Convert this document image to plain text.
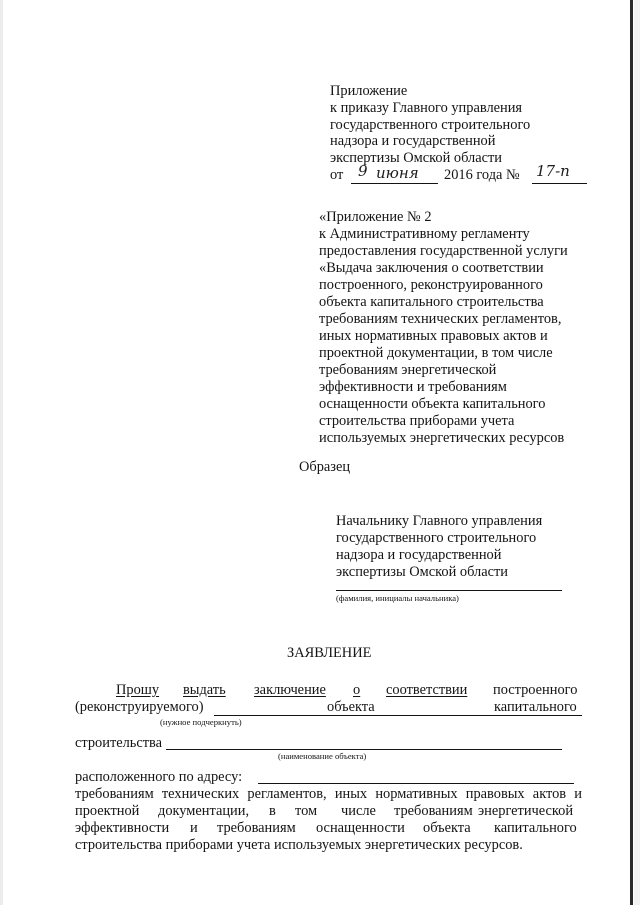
Приложение
к приказу Главного управления
государственного строительного
надзора и государственной
экспертизы Омской области
от 9 июня 2016 года № 17-п
«Приложение № 2
к Административному регламенту
предоставления государственной услуги
«Выдача заключения о соответствии
построенного, реконструированного
объекта капитального строительства
требованиям технических регламентов,
иных нормативных правовых актов и
проектной документации, в том числе
требованиям энергетической
эффективности и требованиям
оснащенности объекта капитального
строительства приборами учета
используемых энергетических ресурсов
Образец
Начальнику Главного управления
государственного строительного
надзора и государственной
экспертизы Омской области
(фамилия, инициалы начальника)
ЗАЯВЛЕНИЕ
Прошу выдать заключение о соответствии построенного
(реконструируемого)	объекта	капитального
(нужное подчеркнуть)
строительства
(наименование объекта)
расположенного по адресу:
требованиям технических регламентов, иных нормативных правовых актов и
проектной документации, в том числе требованиям энергетической
эффективности и требованиям оснащенности объекта капитального
строительства приборами учета используемых энергетических ресурсов.
